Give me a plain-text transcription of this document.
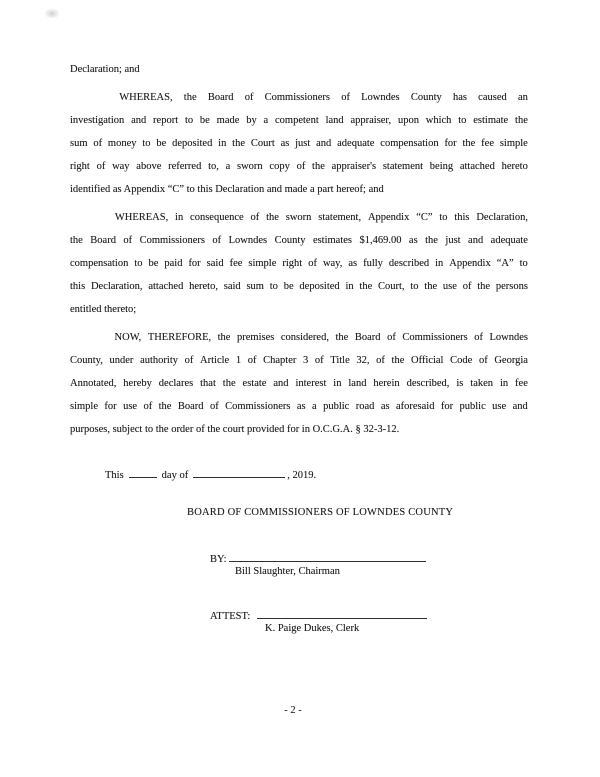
Declaration; and
WHEREAS, the Board of Commissioners of Lowndes County has caused an
investigation and report to be made by a competent land appraiser, upon which to estimate the
sum of money to be deposited in the Court as just and adequate compensation for the fee simple
right of way above referred to, a sworn copy of the appraiser's statement being attached hereto
identified as Appendix “C” to this Declaration and made a part hereof; and
WHEREAS, in consequence of the sworn statement, Appendix “C” to this Declaration,
the Board of Commissioners of Lowndes County estimates $1,469.00 as the just and adequate
compensation to be paid for said fee simple right of way, as fully described in Appendix “A” to
this Declaration, attached hereto, said sum to be deposited in the Court, to the use of the persons
entitled thereto;
NOW, THEREFORE, the premises considered, the Board of Commissioners of Lowndes
County, under authority of Article 1 of Chapter 3 of Title 32, of the Official Code of Georgia
Annotated, hereby declares that the estate and interest in land herein described, is taken in fee
simple for use of the Board of Commissioners as a public road as aforesaid for public use and
purposes, subject to the order of the court provided for in O.C.G.A. § 32-3-12.
This	day of	, 2019.
BOARD OF COMMISSIONERS OF LOWNDES COUNTY
BY:
Bill Slaughter, Chairman
ATTEST:
K. Paige Dukes, Clerk
- 2 -
